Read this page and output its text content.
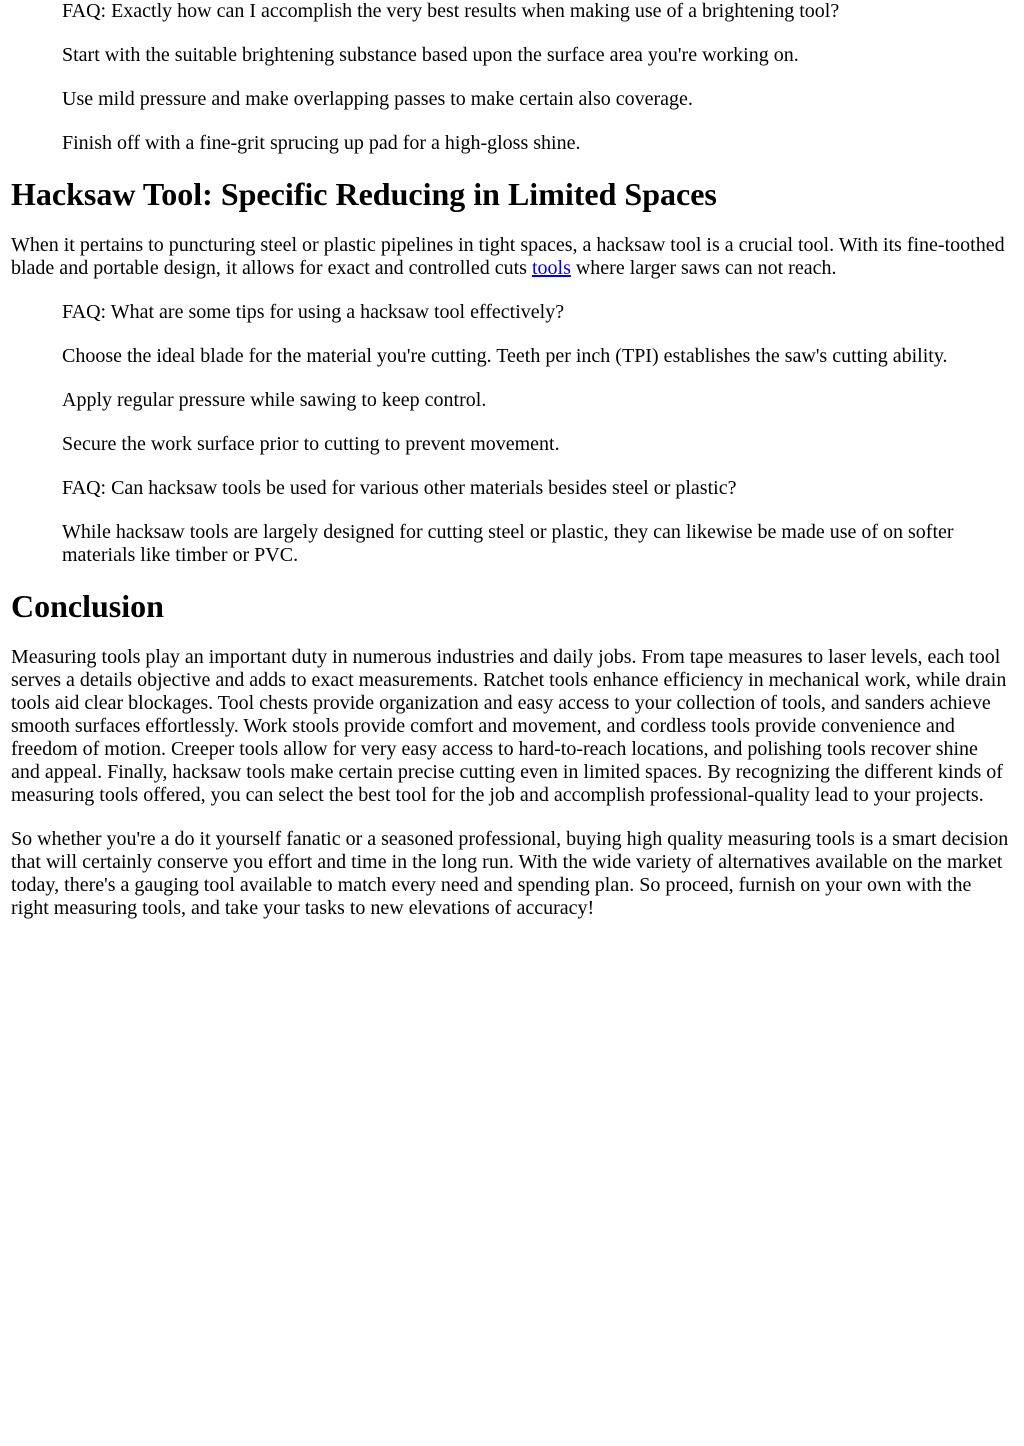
FAQ: Exactly how can I accomplish the very best results when making use of a brightening tool?

Start with the suitable brightening substance based upon the surface area you're working on.

Use mild pressure and make overlapping passes to make certain also coverage.

Finish off with a fine-grit sprucing up pad for a high-gloss shine.

Hacksaw Tool: Specific Reducing in Limited Spaces

When it pertains to puncturing steel or plastic pipelines in tight spaces, a hacksaw tool is a crucial tool. With its fine-toothed blade and portable design, it allows for exact and controlled cuts tools where larger saws can not reach.

FAQ: What are some tips for using a hacksaw tool effectively?

Choose the ideal blade for the material you're cutting. Teeth per inch (TPI) establishes the saw's cutting ability.

Apply regular pressure while sawing to keep control.

Secure the work surface prior to cutting to prevent movement.

FAQ: Can hacksaw tools be used for various other materials besides steel or plastic?

While hacksaw tools are largely designed for cutting steel or plastic, they can likewise be made use of on softer materials like timber or PVC.

Conclusion

Measuring tools play an important duty in numerous industries and daily jobs. From tape measures to laser levels, each tool serves a details objective and adds to exact measurements. Ratchet tools enhance efficiency in mechanical work, while drain tools aid clear blockages. Tool chests provide organization and easy access to your collection of tools, and sanders achieve smooth surfaces effortlessly. Work stools provide comfort and movement, and cordless tools provide convenience and freedom of motion. Creeper tools allow for very easy access to hard-to-reach locations, and polishing tools recover shine and appeal. Finally, hacksaw tools make certain precise cutting even in limited spaces. By recognizing the different kinds of measuring tools offered, you can select the best tool for the job and accomplish professional-quality lead to your projects.

So whether you're a do it yourself fanatic or a seasoned professional, buying high quality measuring tools is a smart decision that will certainly conserve you effort and time in the long run. With the wide variety of alternatives available on the market today, there's a gauging tool available to match every need and spending plan. So proceed, furnish on your own with the right measuring tools, and take your tasks to new elevations of accuracy!
